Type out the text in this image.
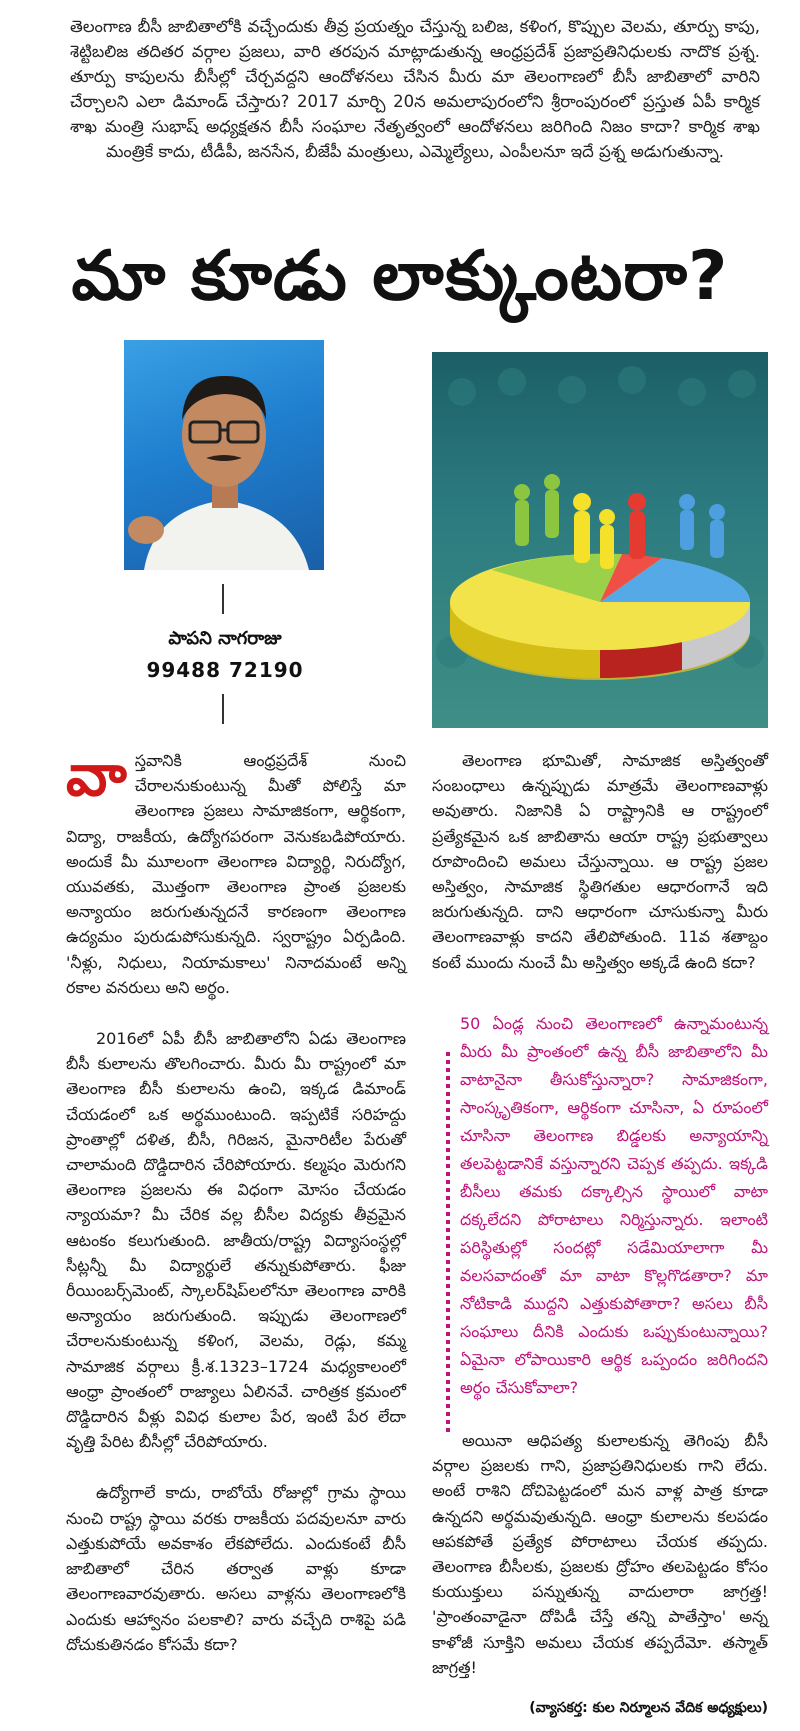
తెలంగాణ బీసీ జాబితాలోకి వచ్చేందుకు తీవ్ర ప్రయత్నం చేస్తున్న బలిజ, కళింగ, కొప్పుల వెలమ, తూర్పు కాపు, శెట్టిబలిజ తదితర వర్గాల ప్రజలు, వారి తరపున మాట్లాడుతున్న ఆంధ్రప్రదేశ్ ప్రజాప్రతినిధులకు నాదొక ప్రశ్న. తూర్పు కాపులను బీసీల్లో చేర్చవద్దని ఆందోళనలు చేసిన మీరు మా తెలంగాణలో బీసీ జాబితాలో వారిని చేర్చాలని ఎలా డిమాండ్ చేస్తారు? 2017 మార్చి 20న అమలాపురంలోని శ్రీరాంపురంలో ప్రస్తుత ఏపీ కార్మిక శాఖ మంత్రి సుభాష్ అధ్యక్షతన బీసీ సంఘాల నేతృత్వంలో ఆందోళనలు జరిగింది నిజం కాదా? కార్మిక శాఖ మంత్రికే కాదు, టీడీపీ, జనసేన, బీజేపీ మంత్రులు, ఎమ్మెల్యేలు, ఎంపీలనూ ఇదే ప్రశ్న అడుగుతున్నా.
మా కూడు లాక్కుంటరా?
పాపని నాగరాజు
99488 72190

వాస్తవానికి ఆంధ్రప్రదేశ్ నుంచి చేరాలనుకుంటున్న మీతో పోలిస్తే మా తెలంగాణ ప్రజలు సామాజికంగా, ఆర్థికంగా, విద్యా, రాజకీయ, ఉద్యోగపరంగా వెనుకబడిపోయారు. అందుకే మీ మూలంగా తెలంగాణ విద్యార్థి, నిరుద్యోగ, యువతకు, మొత్తంగా తెలంగాణ ప్రాంత ప్రజలకు అన్యాయం జరుగుతున్నదనే కారణంగా తెలంగాణ ఉద్యమం పురుడుపోసుకున్నది. స్వరాష్ట్రం ఏర్పడింది. 'నీళ్లు, నిధులు, నియామకాలు' నినాదమంటే అన్ని రకాల వనరులు అని అర్థం.

2016లో ఏపీ బీసీ జాబితాలోని ఏడు తెలంగాణ బీసీ కులాలను తొలగించారు. మీరు మీ రాష్ట్రంలో మా తెలంగాణ బీసీ కులాలను ఉంచి, ఇక్కడ డిమాండ్ చేయడంలో ఒక అర్థముంటుంది. ఇప్పటికే సరిహద్దు ప్రాంతాల్లో దళిత, బీసీ, గిరిజన, మైనారిటీల పేరుతో చాలామంది దొడ్డిదారిన చేరిపోయారు. కల్మషం మెరుగని తెలంగాణ ప్రజలను ఈ విధంగా మోసం చేయడం న్యాయమా? మీ చేరిక వల్ల బీసీల విద్యకు తీవ్రమైన ఆటంకం కలుగుతుంది. జాతీయ/రాష్ట్ర విద్యాసంస్థల్లో సీట్లన్నీ మీ విద్యార్థులే తన్నుకుపోతారు. ఫీజు రీయింబర్స్‌మెంట్, స్కాలర్‌షిప్‌లలోనూ తెలంగాణ వారికి అన్యాయం జరుగుతుంది. ఇప్పుడు తెలంగాణలో చేరాలనుకుంటున్న కళింగ, వెలమ, రెడ్లు, కమ్మ సామాజిక వర్గాలు క్రీ.శ.1323–1724 మధ్యకాలంలో ఆంధ్రా ప్రాంతంలో రాజ్యాలు ఏలినవే. చారిత్రక క్రమంలో దొడ్డిదారిన వీళ్లు వివిధ కులాల పేర, ఇంటి పేర లేదా వృత్తి పేరిట బీసీల్లో చేరిపోయారు.

ఉద్యోగాలే కాదు, రాబోయే రోజుల్లో గ్రామ స్థాయి నుంచి రాష్ట్ర స్థాయి వరకు రాజకీయ పదవులనూ వారు ఎత్తుకుపోయే అవకాశం లేకపోలేదు. ఎందుకంటే బీసీ జాబితాలో చేరిన తర్వాత వాళ్లు కూడా తెలంగాణవారవుతారు. అసలు వాళ్లను తెలంగాణలోకి ఎందుకు ఆహ్వానం పలకాలి? వారు వచ్చేది రాశిపై పడి దోచుకుతినడం కోసమే కదా?

తెలంగాణ భూమితో, సామాజిక అస్తిత్వంతో సంబంధాలు ఉన్నప్పుడు మాత్రమే తెలంగాణవాళ్లు అవుతారు. నిజానికి ఏ రాష్ట్రానికి ఆ రాష్ట్రంలో ప్రత్యేకమైన ఒక జాబితాను ఆయా రాష్ట్ర ప్రభుత్వాలు రూపొందించి అమలు చేస్తున్నాయి. ఆ రాష్ట్ర ప్రజల అస్తిత్వం, సామాజిక స్థితిగతుల ఆధారంగానే ఇది జరుగుతున్నది. దాని ఆధారంగా చూసుకున్నా మీరు తెలంగాణవాళ్లు కాదని తేలిపోతుంది. 11వ శతాబ్దం కంటే ముందు నుంచే మీ అస్తిత్వం అక్కడే ఉంది కదా?

50 ఏండ్ల నుంచి తెలంగాణలో ఉన్నామంటున్న మీరు మీ ప్రాంతంలో ఉన్న బీసీ జాబితాలోని మీ వాటానైనా తీసుకోస్తున్నారా? సామాజికంగా, సాంస్కృతికంగా, ఆర్థికంగా చూసినా, ఏ రూపంలో చూసినా తెలంగాణ బిడ్డలకు అన్యాయాన్ని తలపెట్టడానికే వస్తున్నారని చెప్పక తప్పదు. ఇక్కడి బీసీలు తమకు దక్కాల్సిన స్థాయిలో వాటా దక్కలేదని పోరాటాలు నిర్మిస్తున్నారు. ఇలాంటి పరిస్థితుల్లో సందట్లో సడేమియాలాగా మీ వలసవాదంతో మా వాటా కొల్లగొడతారా? మా నోటికాడి ముద్దని ఎత్తుకుపోతారా? అసలు బీసీ సంఘాలు దీనికి ఎందుకు ఒప్పుకుంటున్నాయి? ఏమైనా లోపాయికారి ఆర్థిక ఒప్పందం జరిగిందని అర్థం చేసుకోవాలా?

అయినా ఆధిపత్య కులాలకున్న తెగింపు బీసీ వర్గాల ప్రజలకు గాని, ప్రజాప్రతినిధులకు గాని లేదు. అంటే రాశిని దోచిపెట్టడంలో మన వాళ్ల పాత్ర కూడా ఉన్నదని అర్థమవుతున్నది. ఆంధ్రా కులాలను కలపడం ఆపకపోతే ప్రత్యేక పోరాటాలు చేయక తప్పదు. తెలంగాణ బీసీలకు, ప్రజలకు ద్రోహం తలపెట్టడం కోసం కుయుక్తులు పన్నుతున్న వాదులారా జాగ్రత్త! 'ప్రాంతంవాడైనా దోపిడీ చేస్తే తన్ని పాతేస్తాం' అన్న కాళోజీ సూక్తిని అమలు చేయక తప్పదేమో. తస్మాత్ జాగ్రత్త!

(వ్యాసకర్త: కుల నిర్మూలన వేదిక అధ్యక్షులు)
